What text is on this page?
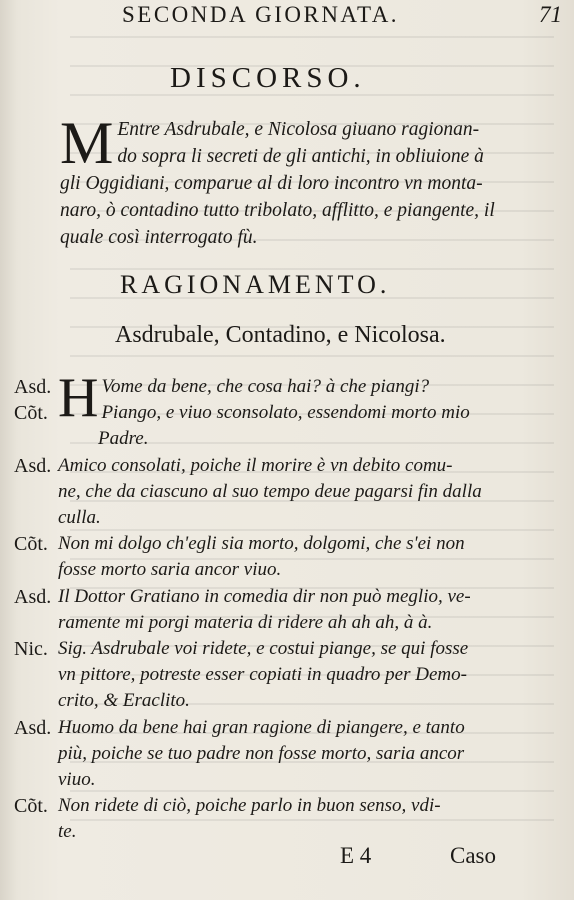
SECONDA GIORNATA.	71
DISCORSO.
M Entre Asdrubale, e Nicolosa giuano ragionan-
do sopra li secreti de gli antichi, in obliuione à
gli Oggidiani, comparue al di loro incontro vn monta-
naro, ò contadino tutto tribolato, afflitto, e piangente, il
quale così interrogato fù.
RAGIONAMENTO.
Asdrubale, Contadino, e Nicolosa.
Asd. H Vome da bene, che cosa hai? à che piangi?
Cõt.	Piango, e viuo sconsolato, essendomi morto mio
Padre.
Asd. Amico consolati, poiche il morire è vn debito comu-
ne, che da ciascuno al suo tempo deue pagarsi fin dalla
culla.
Cõt. Non mi dolgo ch'egli sia morto, dolgomi, che s'ei non
fosse morto saria ancor viuo.
Asd. Il Dottor Gratiano in comedia dir non può meglio, ve-
ramente mi porgi materia di ridere ah ah ah, à à.
Nic. Sig. Asdrubale voi ridete, e costui piange, se qui fosse
vn pittore, potreste esser copiati in quadro per Demo-
crito, & Eraclito.
Asd. Huomo da bene hai gran ragione di piangere, e tanto
più, poiche se tuo padre non fosse morto, saria ancor
viuo.
Cõt. Non ridete di ciò, poiche parlo in buon senso, vdi-
te.
E 4	Caso
